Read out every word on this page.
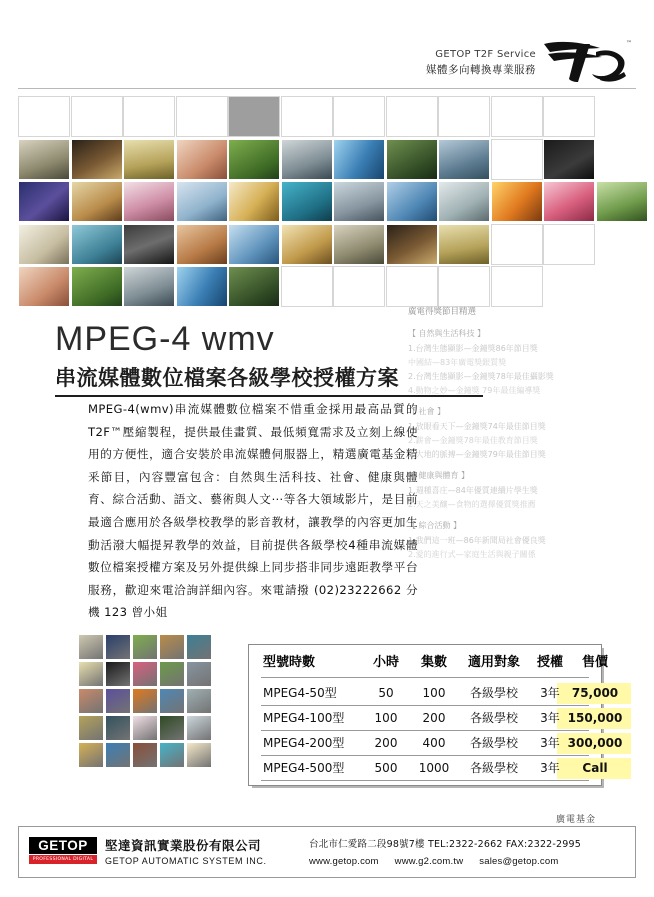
GETOP T2F Service
媒體多向轉換專業服務
™
MPEG-4 wmv
串流媒體數位檔案各級學校授權方案
MPEG-4(wmv)串流媒體數位檔案不惜重金採用最高品質的T2F™壓縮製程，提供最佳畫質、最低頻寬需求及立刻上線使用的方便性，適合安裝於串流媒體伺服器上，精選廣電基金精釆節目，內容豐富包含：自然與生活科技、社會、健康與體育、綜合活動、語文、藝術與人文⋯等各大領域影片，是目前最適合應用於各級學校教學的影音教材，讓教學的內容更加生動活潑大幅提昇教學的效益，目前提供各級學校4種串流媒體數位檔案授權方案及另外提供線上同步搭非同步遠距教學平台服務，歡迎來電洽詢詳細內容。來電請撥 (02)23222662 分機 123 曾小姐
廣電得獎節目精選
【 自然與生活科技 】
1.台灣生態顯影—金鐘獎86年節目獎
中國結—83年廣電獎銀質獎
2.台灣生態顯影—金鐘獎78年最佳攝影獎
4.動物之妙—金鐘獎 79年最佳編導獎
【 社會 】
1.放眼看天下—金鐘獎74年最佳節目獎
2.薪會—金鐘獎78年最佳教育節目獎
3.大地的脈搏—金鐘獎79年最佳節目獎
【 健康與體育 】
1.週種喜庄—84年優質連續片學生獎
2.天之美釀—食物的選擇優質獎推薦
【 綜合活動 】
1.我們這一班—86年新聞局社會優良獎
2.愛的進行式—家庭生活與親子關係
型號時數	小時	集數	適用對象	授權	售價
MPEG4-50型	50	100	各級學校	3年	75,000
MPEG4-100型	100	200	各級學校	3年 150,000
MPEG4-200型	200	400	各級學校	3年 300,000
MPEG4-500型	500	1000	各級學校	3年	Call
廣電基金
GETOP
PROFESSIONAL DIGITAL VIDEO
堅達資訊實業股份有限公司
GETOP AUTOMATIC SYSTEM INC.
台北市仁愛路二段98號7樓 TEL:2322-2662 FAX:2322-2995
www.getop.com www.g2.com.tw sales@getop.com
